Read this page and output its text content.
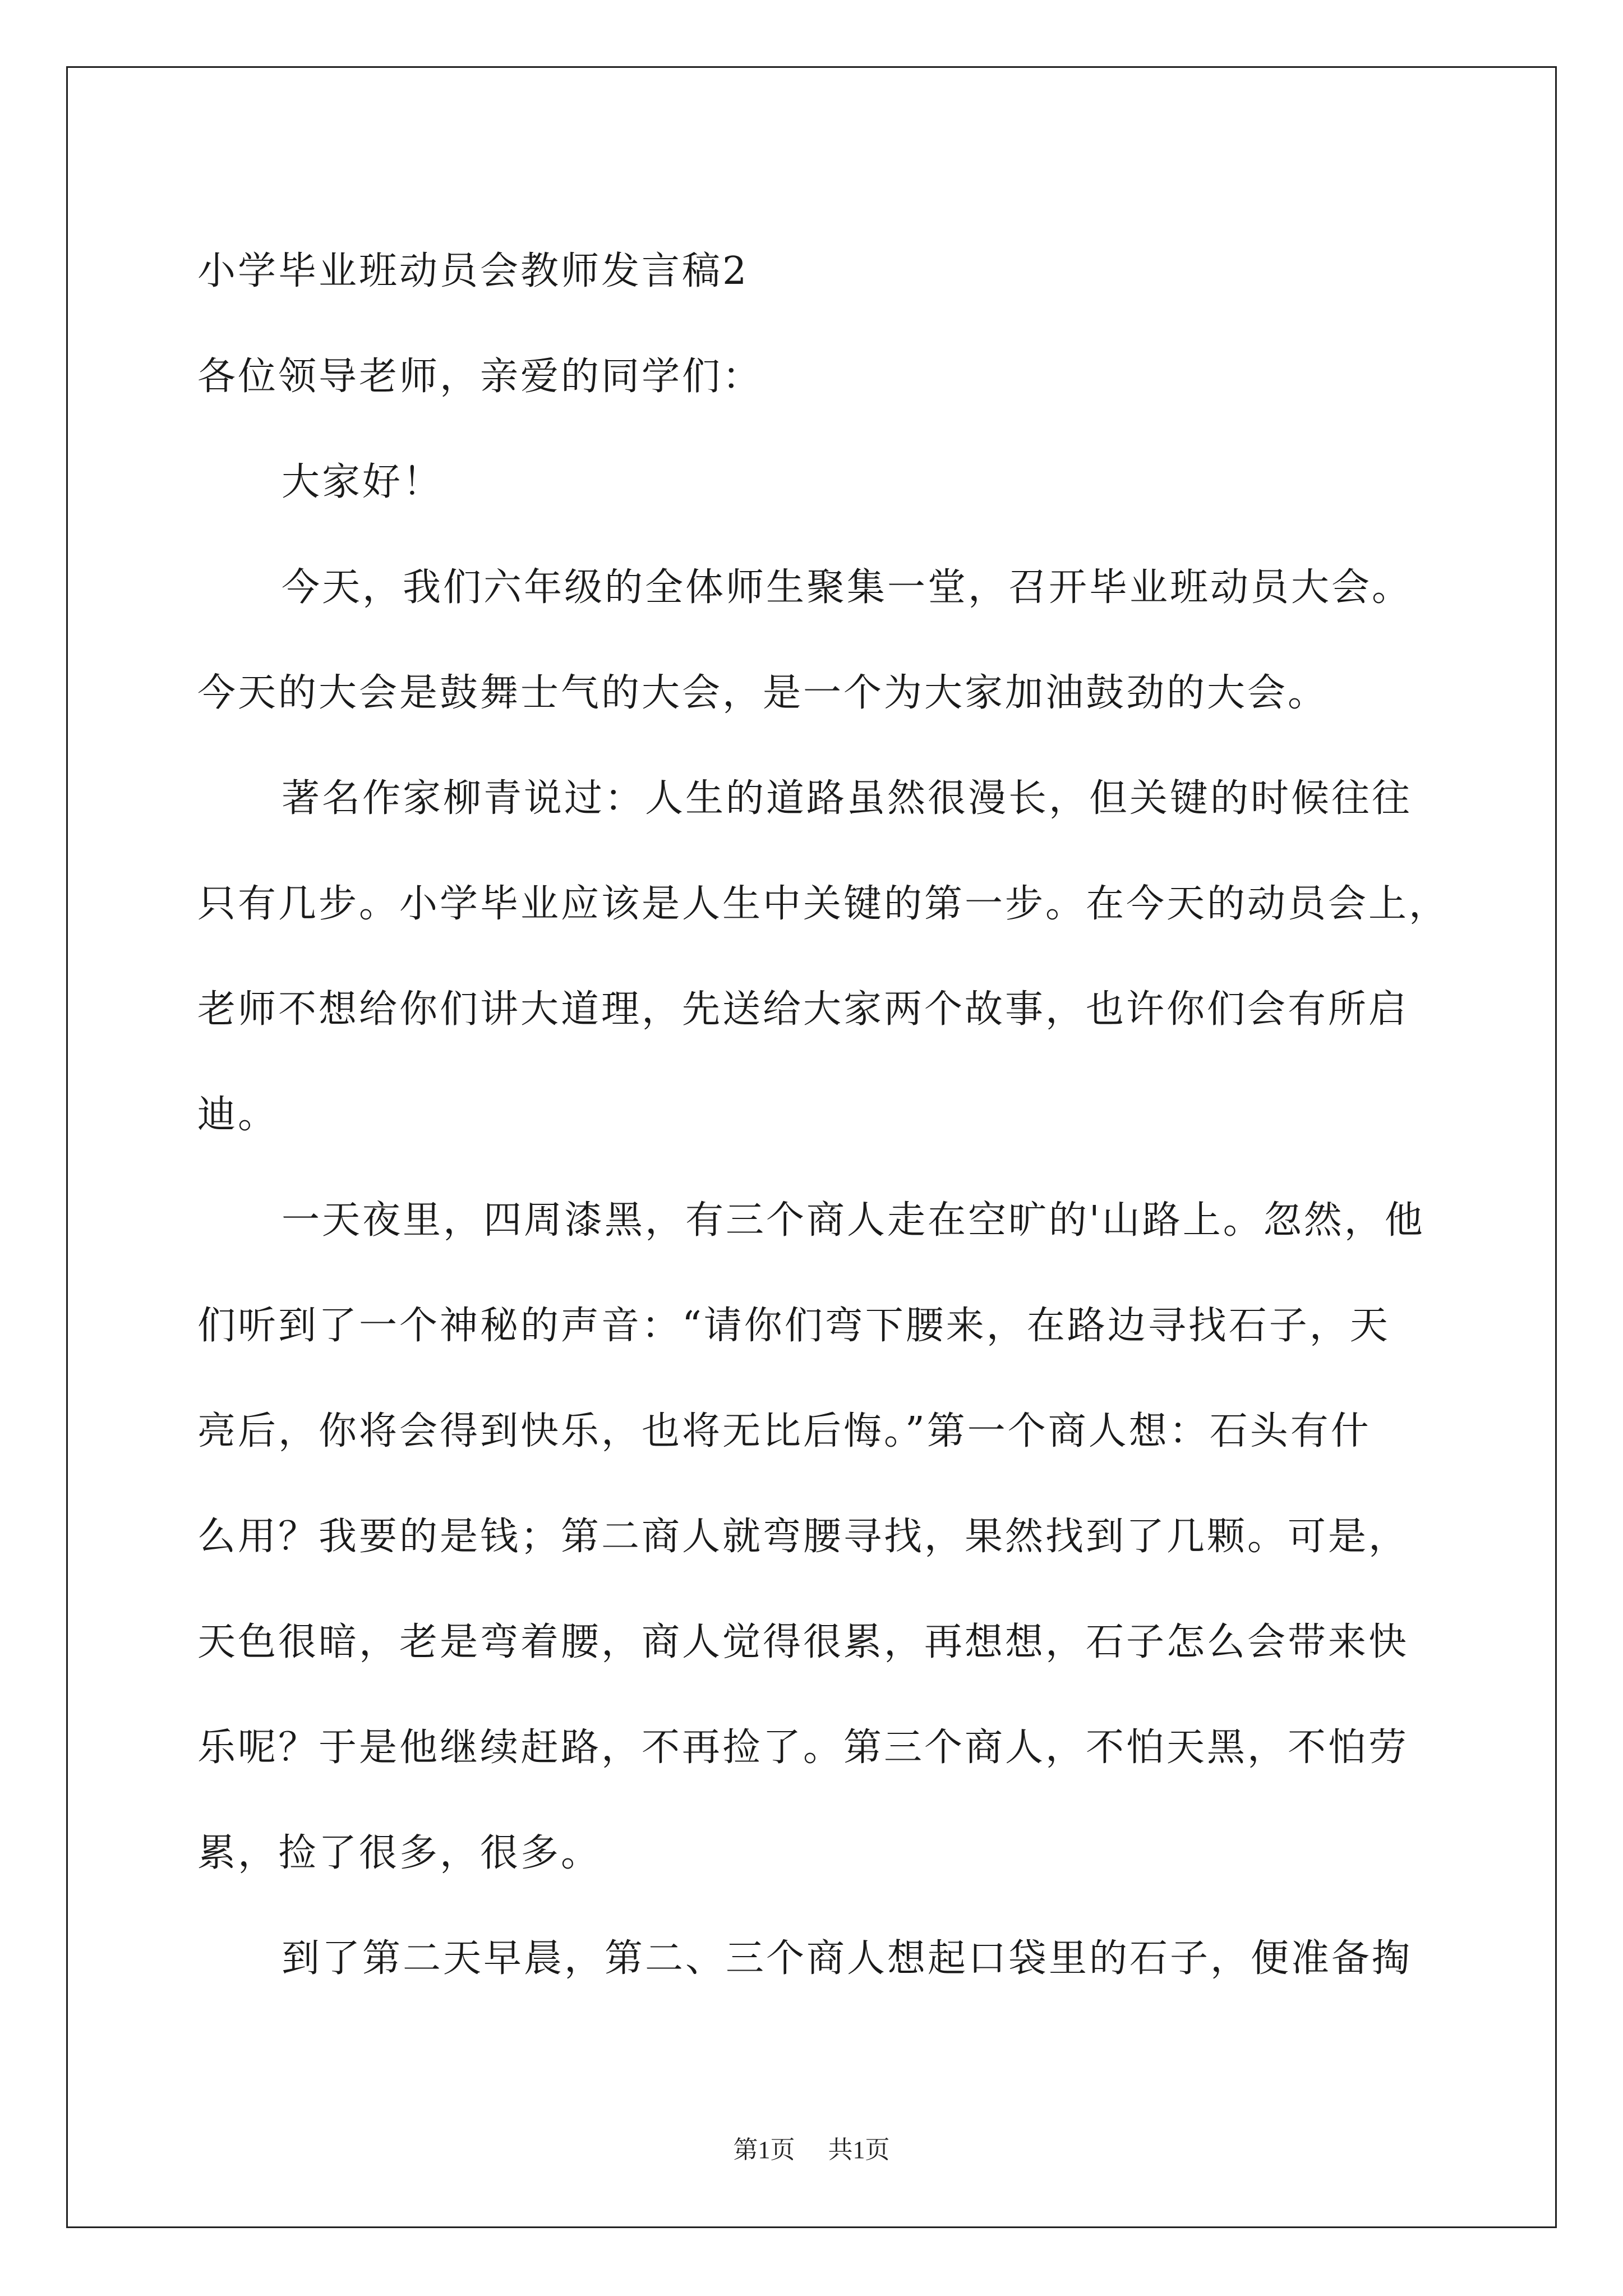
小学毕业班动员会教师发言稿2

各位领导老师，亲爱的同学们：

大家好！

今天，我们六年级的全体师生聚集一堂，召开毕业班动员大会。

今天的大会是鼓舞士气的大会，是一个为大家加油鼓劲的大会。

著名作家柳青说过：人生的道路虽然很漫长，但关键的时候往往

只有几步。小学毕业应该是人生中关键的第一步。在今天的动员会上，

老师不想给你们讲大道理，先送给大家两个故事，也许你们会有所启

迪。

一天夜里，四周漆黑，有三个商人走在空旷的'山路上。忽然，他

们听到了一个神秘的声音：“请你们弯下腰来，在路边寻找石子，天

亮后，你将会得到快乐，也将无比后悔。”第一个商人想：石头有什

么用？我要的是钱；第二商人就弯腰寻找，果然找到了几颗。可是，

天色很暗，老是弯着腰，商人觉得很累，再想想，石子怎么会带来快

乐呢？于是他继续赶路，不再捡了。第三个商人，不怕天黑，不怕劳

累，捡了很多，很多。

到了第二天早晨，第二、三个商人想起口袋里的石子，便准备掏

第1页 共1页
